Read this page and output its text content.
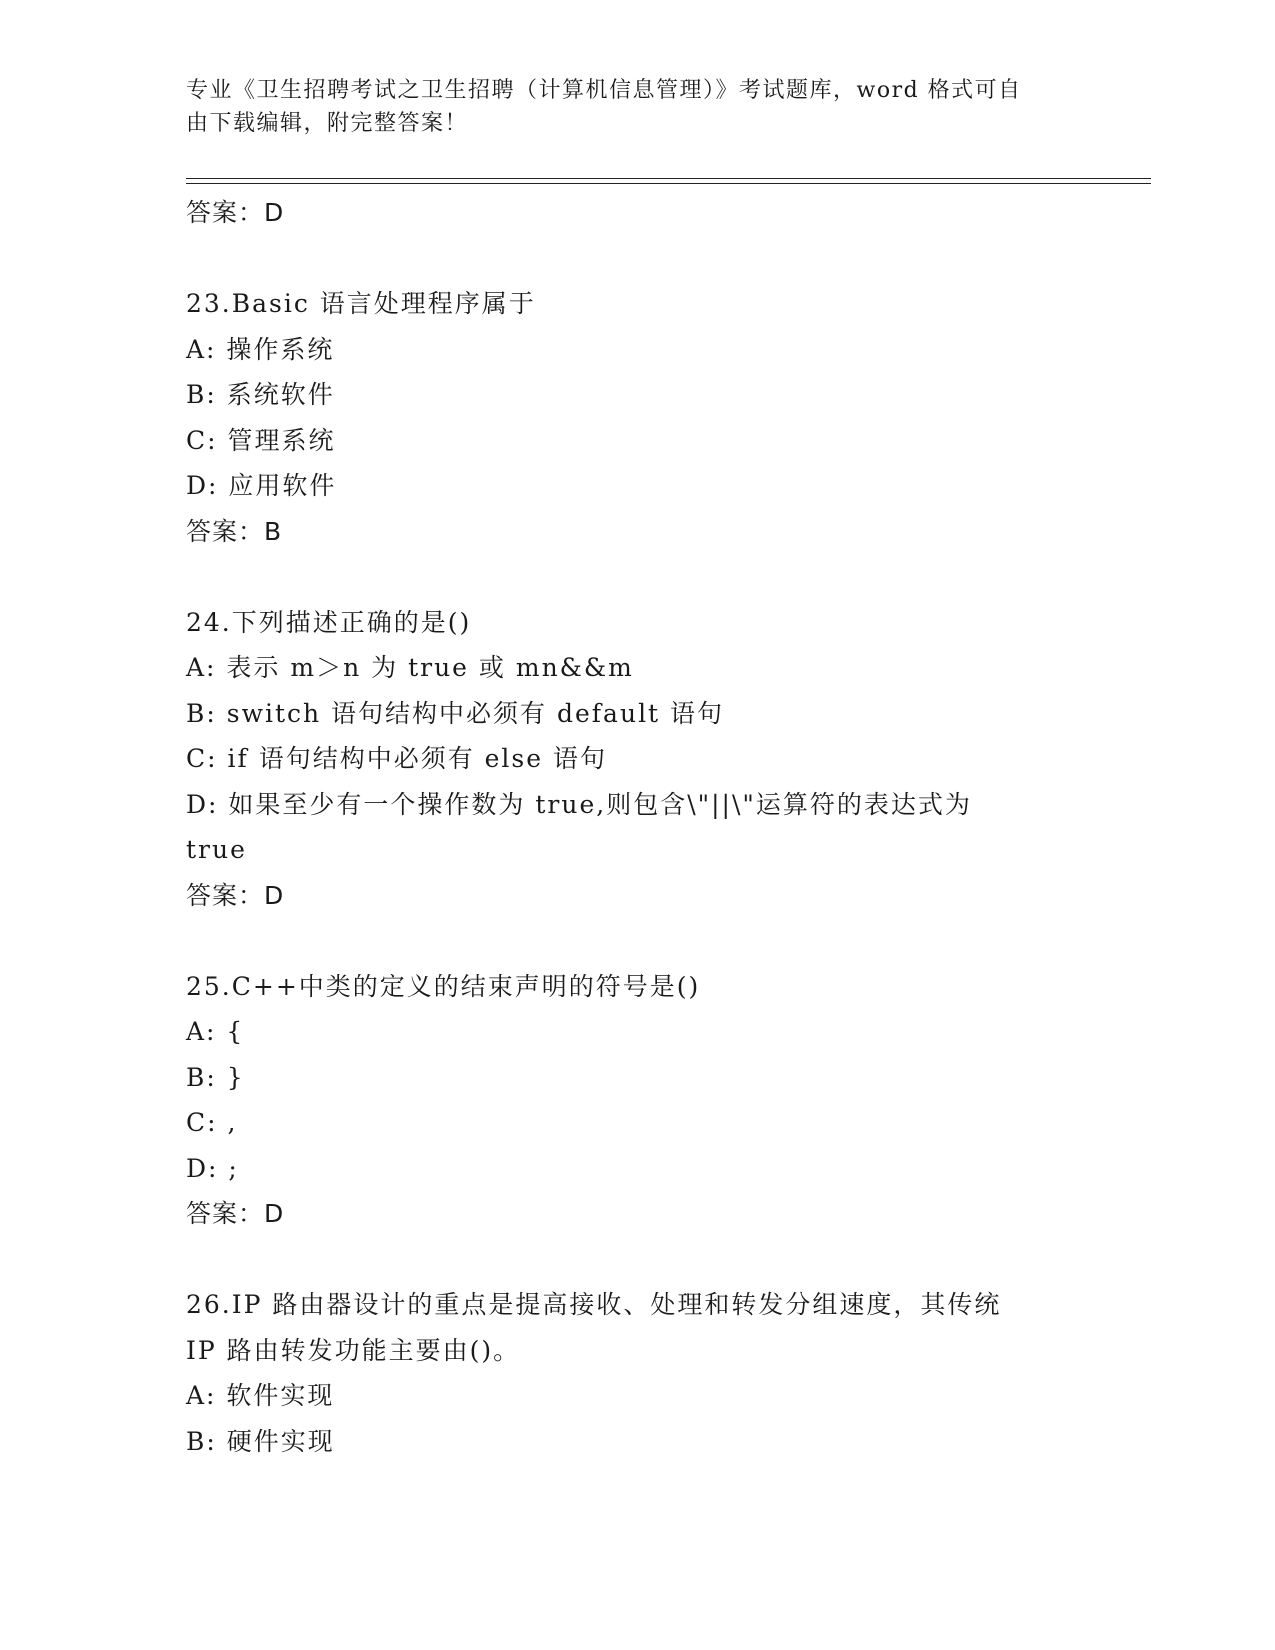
专业《卫生招聘考试之卫生招聘（计算机信息管理）》考试题库，word 格式可自
由下载编辑，附完整答案！
答案：D
23.Basic 语言处理程序属于
A: 操作系统
B: 系统软件
C: 管理系统
D: 应用软件
答案：B
24.下列描述正确的是()
A: 表示 m＞n 为 true 或 mn&&m
B: switch 语句结构中必须有 default 语句
C: if 语句结构中必须有 else 语句
D: 如果至少有一个操作数为 true,则包含\"||\"运算符的表达式为
true
答案：D
25.C++中类的定义的结束声明的符号是()
A: {
B: }
C: ,
D: ;
答案：D
26.IP 路由器设计的重点是提高接收、处理和转发分组速度，其传统
IP 路由转发功能主要由()。
A: 软件实现
B: 硬件实现
